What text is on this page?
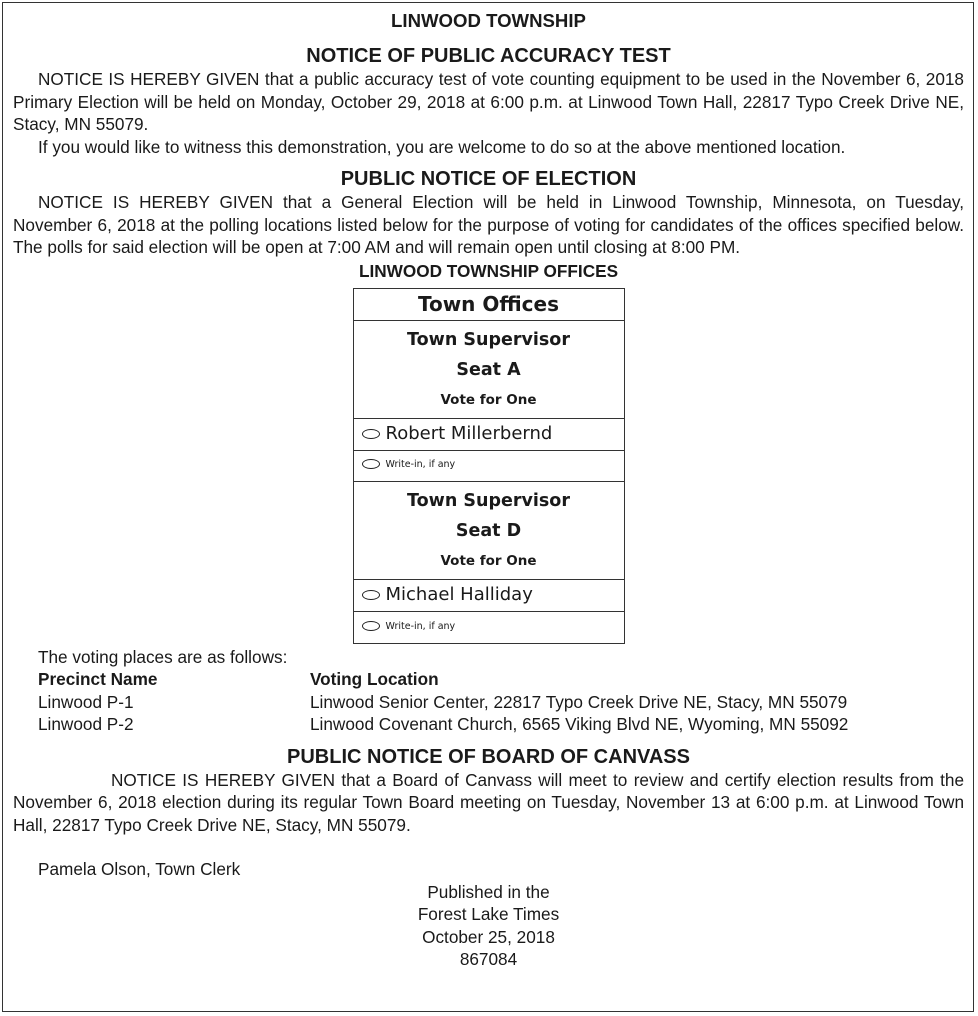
LINWOOD TOWNSHIP
NOTICE OF PUBLIC ACCURACY TEST

NOTICE IS HEREBY GIVEN that a public accuracy test of vote counting equipment to be used in the November 6, 2018 Primary Election will be held on Monday, October 29, 2018 at 6:00 p.m. at Linwood Town Hall, 22817 Typo Creek Drive NE, Stacy, MN 55079.

If you would like to witness this demonstration, you are welcome to do so at the above mentioned location.

PUBLIC NOTICE OF ELECTION

NOTICE IS HEREBY GIVEN that a General Election will be held in Linwood Township, Minnesota, on Tuesday, November 6, 2018 at the polling locations listed below for the purpose of voting for candidates of the offices specified below. The polls for said election will be open at 7:00 AM and will remain open until closing at 8:00 PM.

LINWOOD TOWNSHIP OFFICES
Town Offices
Town Supervisor
Seat A
Vote for One
Robert Millerbernd
Write-in, if any
Town Supervisor
Seat D
Vote for One
Michael Halliday
Write-in, if any
The voting places are as follows:
Precinct Name	Voting Location
Linwood P-1	Linwood Senior Center, 22817 Typo Creek Drive NE, Stacy, MN 55079
Linwood P-2	Linwood Covenant Church, 6565 Viking Blvd NE, Wyoming, MN 55092
PUBLIC NOTICE OF BOARD OF CANVASS

NOTICE IS HEREBY GIVEN that a Board of Canvass will meet to review and certify election results from the November 6, 2018 election during its regular Town Board meeting on Tuesday, November 13 at 6:00 p.m. at Linwood Town Hall, 22817 Typo Creek Drive NE, Stacy, MN 55079.

Pamela Olson, Town Clerk
Published in the
Forest Lake Times
October 25, 2018
867084
